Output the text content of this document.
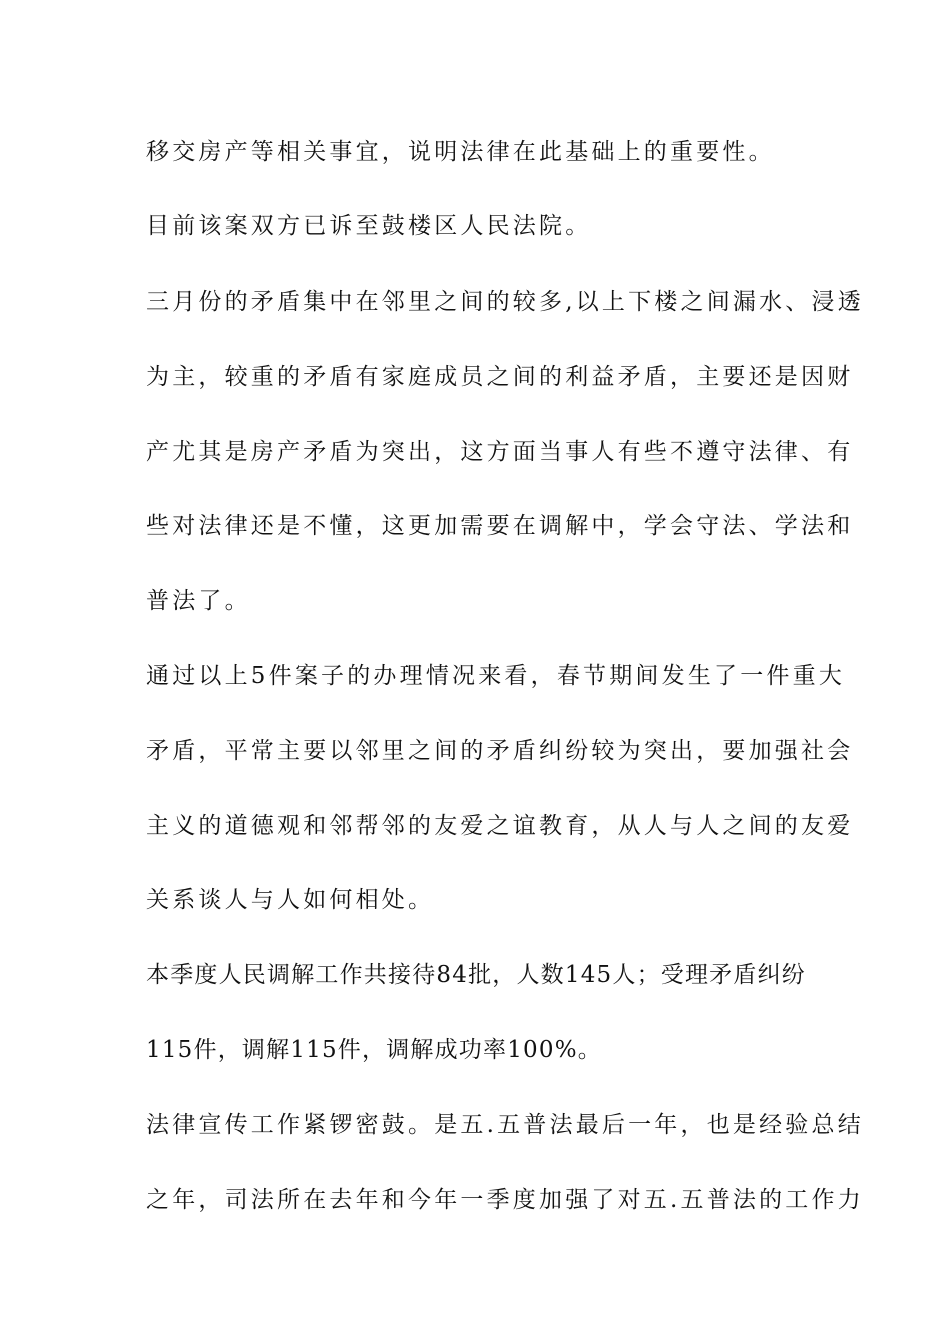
移交房产等相关事宜，说明法律在此基础上的重要性。
目前该案双方已诉至鼓楼区人民法院。
三月份的矛盾集中在邻里之间的较多,以上下楼之间漏水、浸透
为主，较重的矛盾有家庭成员之间的利益矛盾，主要还是因财
产尤其是房产矛盾为突出，这方面当事人有些不遵守法律、有
些对法律还是不懂，这更加需要在调解中，学会守法、学法和
普法了。
通过以上5件案子的办理情况来看，春节期间发生了一件重大
矛盾，平常主要以邻里之间的矛盾纠纷较为突出，要加强社会
主义的道德观和邻帮邻的友爱之谊教育，从人与人之间的友爱
关系谈人与人如何相处。
本季度人民调解工作共接待84批，人数145人；受理矛盾纠纷
115件，调解115件，调解成功率100%。
法律宣传工作紧锣密鼓。是五.五普法最后一年，也是经验总结
之年，司法所在去年和今年一季度加强了对五.五普法的工作力
